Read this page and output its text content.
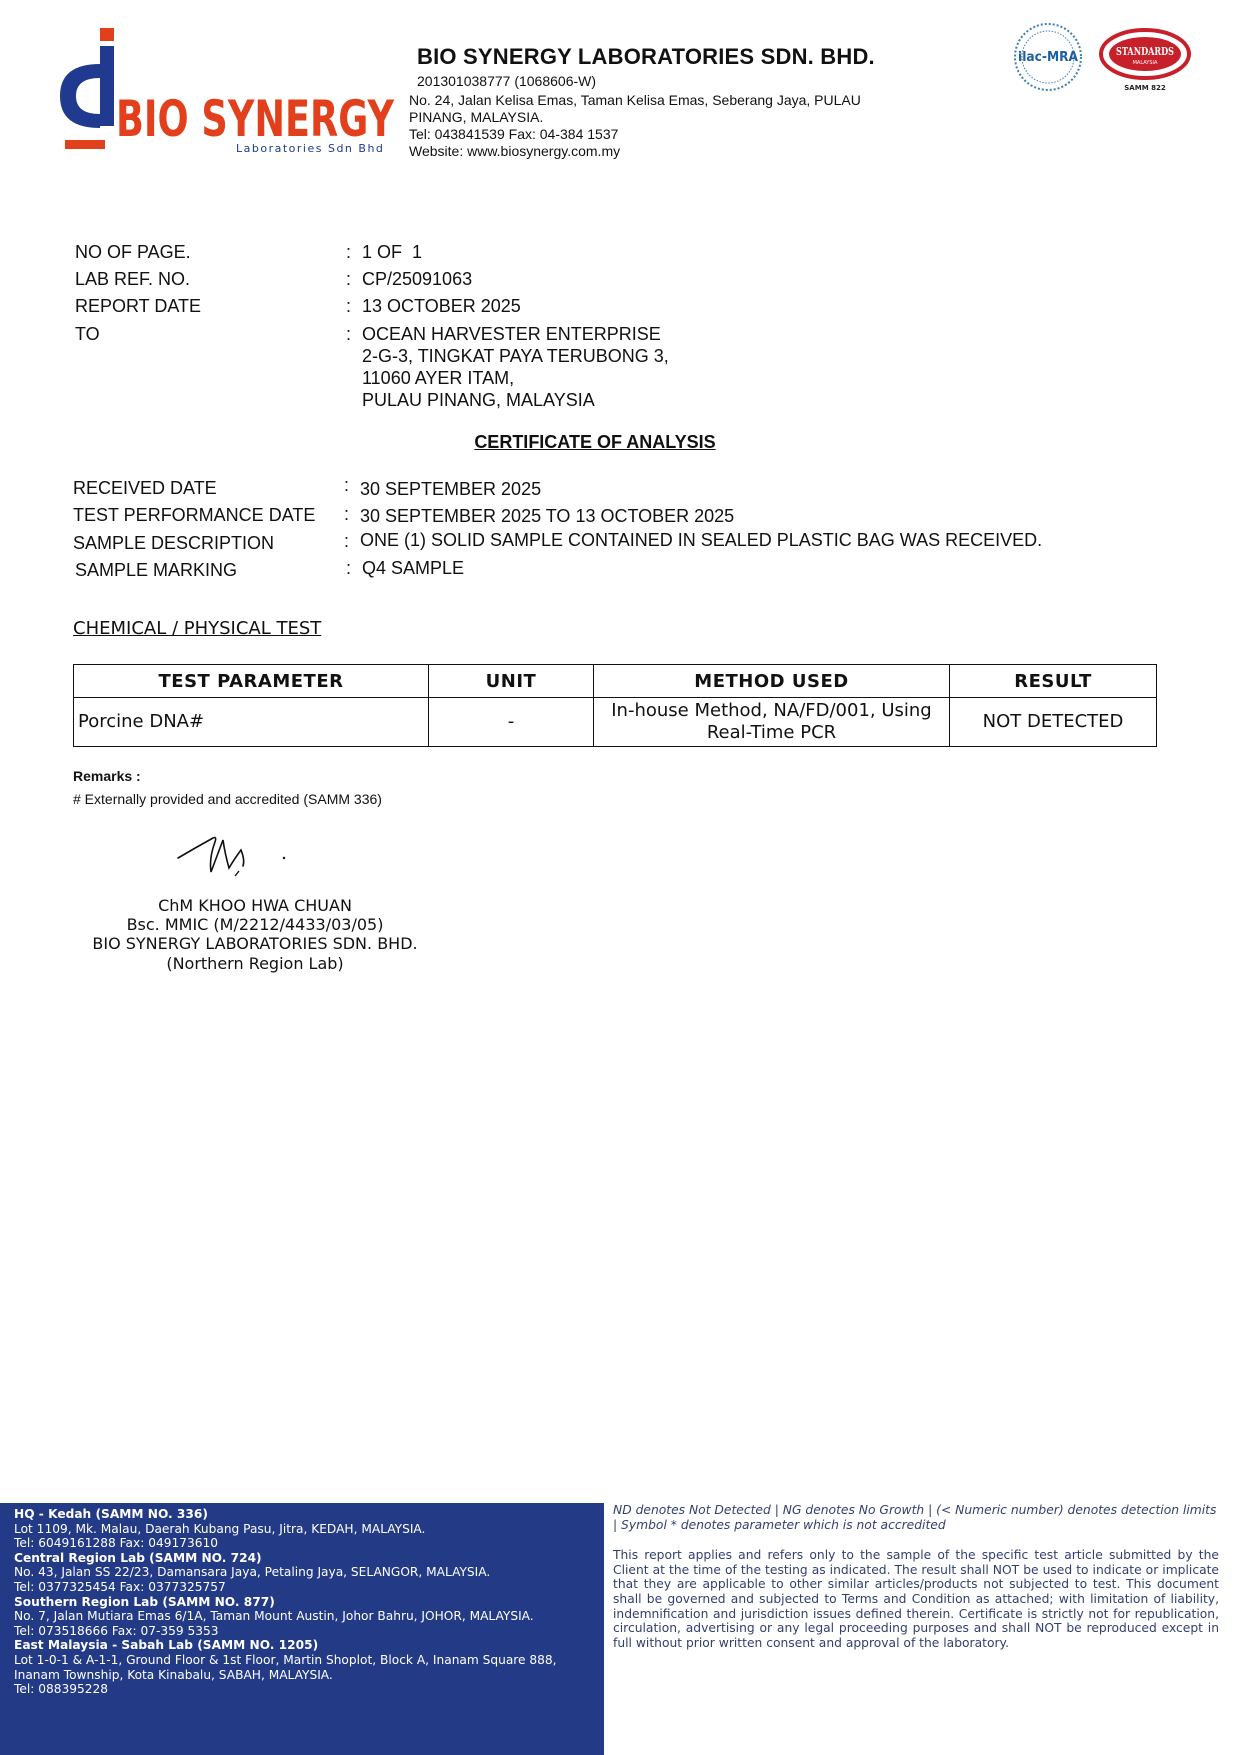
BIO SYNERGY
Laboratories Sdn Bhd
BIO SYNERGY LABORATORIES SDN. BHD.
201301038777 (1068606-W)
No. 24, Jalan Kelisa Emas, Taman Kelisa Emas, Seberang Jaya, PULAU
PINANG, MALAYSIA.
Tel: 043841539 Fax: 04-384 1537
Website: www.biosynergy.com.my
ilac-MRA	STANDARDS
MALAYSIA
SAMM 822
NO OF PAGE.	: 1 OF  1
LAB REF. NO.	: CP/25091063
REPORT DATE	: 13 OCTOBER 2025
TO	: OCEAN HARVESTER ENTERPRISE
2-G-3, TINGKAT PAYA TERUBONG 3,
11060 AYER ITAM,
PULAU PINANG, MALAYSIA
CERTIFICATE OF ANALYSIS
RECEIVED DATE	: 30 SEPTEMBER 2025
TEST PERFORMANCE DATE : 30 SEPTEMBER 2025 TO 13 OCTOBER 2025
SAMPLE DESCRIPTION	: ONE (1) SOLID SAMPLE CONTAINED IN SEALED PLASTIC BAG WAS RECEIVED.
SAMPLE MARKING	: Q4 SAMPLE
CHEMICAL / PHYSICAL TEST
TEST PARAMETER	UNIT	METHOD USED	RESULT
Porcine DNA#	-	In-house Method, NA/FD/001, Using
Real-Time PCR	NOT DETECTED
Remarks :
# Externally provided and accredited (SAMM 336)
ChM KHOO HWA CHUAN
Bsc. MMIC (M/2212/4433/03/05)
BIO SYNERGY LABORATORIES SDN. BHD.
(Northern Region Lab)
HQ - Kedah (SAMM NO. 336)
Lot 1109, Mk. Malau, Daerah Kubang Pasu, Jitra, KEDAH, MALAYSIA.
Tel: 6049161288 Fax: 049173610
Central Region Lab (SAMM NO. 724)
No. 43, Jalan SS 22/23, Damansara Jaya, Petaling Jaya, SELANGOR, MALAYSIA.
Tel: 0377325454 Fax: 0377325757
Southern Region Lab (SAMM NO. 877)
No. 7, Jalan Mutiara Emas 6/1A, Taman Mount Austin, Johor Bahru, JOHOR, MALAYSIA.
Tel: 073518666 Fax: 07-359 5353
East Malaysia - Sabah Lab (SAMM NO. 1205)
Lot 1-0-1 & A-1-1, Ground Floor & 1st Floor, Martin Shoplot, Block A, Inanam Square 888,
Inanam Township, Kota Kinabalu, SABAH, MALAYSIA.
Tel: 088395228
ND denotes Not Detected | NG denotes No Growth | (< Numeric number) denotes detection limits | Symbol * denotes parameter which is not accredited
This report applies and refers only to the sample of the specific test article submitted by the Client at the time of the testing as indicated. The result shall NOT be used to indicate or implicate that they are applicable to other similar articles/products not subjected to test. This document shall be governed and subjected to Terms and Condition as attached; with limitation of liability, indemnification and jurisdiction issues defined therein. Certificate is strictly not for republication, circulation, advertising or any legal proceeding purposes and shall NOT be reproduced except in full without prior written consent and approval of the laboratory.
